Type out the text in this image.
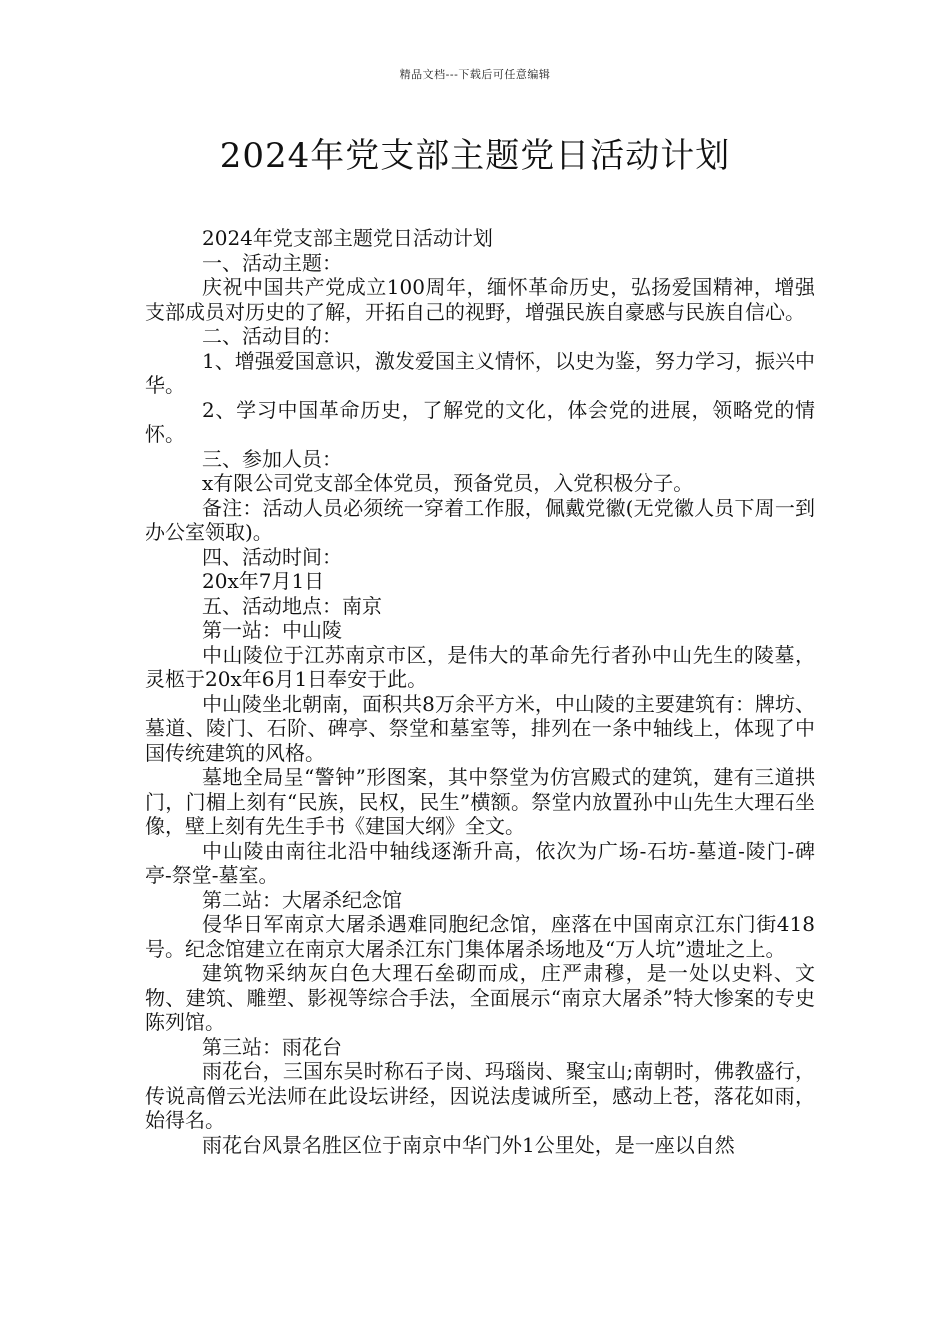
精品文档---下载后可任意编辑
2024年党支部主题党日活动计划

2024年党支部主题党日活动计划

一、活动主题：

庆祝中国共产党成立100周年，缅怀革命历史，弘扬爱国精神，增强支部成员对历史的了解，开拓自己的视野，增强民族自豪感与民族自信心。

二、活动目的：

1、增强爱国意识，激发爱国主义情怀，以史为鉴，努力学习，振兴中华。

2、学习中国革命历史，了解党的文化，体会党的进展，领略党的情怀。

三、参加人员：

x有限公司党支部全体党员，预备党员，入党积极分子。

备注：活动人员必须统一穿着工作服，佩戴党徽(无党徽人员下周一到办公室领取)。

四、活动时间：

20x年7月1日

五、活动地点：南京

第一站：中山陵

中山陵位于江苏南京市区，是伟大的革命先行者孙中山先生的陵墓，灵柩于20x年6月1日奉安于此。

中山陵坐北朝南，面积共8万余平方米，中山陵的主要建筑有：牌坊、墓道、陵门、石阶、碑亭、祭堂和墓室等，排列在一条中轴线上，体现了中国传统建筑的风格。

墓地全局呈“警钟”形图案，其中祭堂为仿宫殿式的建筑，建有三道拱门，门楣上刻有“民族，民权，民生”横额。祭堂内放置孙中山先生大理石坐像，壁上刻有先生手书《建国大纲》全文。

中山陵由南往北沿中轴线逐渐升高，依次为广场-石坊-墓道-陵门-碑亭-祭堂-墓室。

第二站：大屠杀纪念馆

侵华日军南京大屠杀遇难同胞纪念馆，座落在中国南京江东门街418号。纪念馆建立在南京大屠杀江东门集体屠杀场地及“万人坑”遗址之上。

建筑物采纳灰白色大理石垒砌而成，庄严肃穆，是一处以史料、文物、建筑、雕塑、影视等综合手法，全面展示“南京大屠杀”特大惨案的专史陈列馆。

第三站：雨花台

雨花台，三国东吴时称石子岗、玛瑙岗、聚宝山;南朝时，佛教盛行，传说高僧云光法师在此设坛讲经，因说法虔诚所至，感动上苍，落花如雨，始得名。

雨花台风景名胜区位于南京中华门外1公里处，是一座以自然
